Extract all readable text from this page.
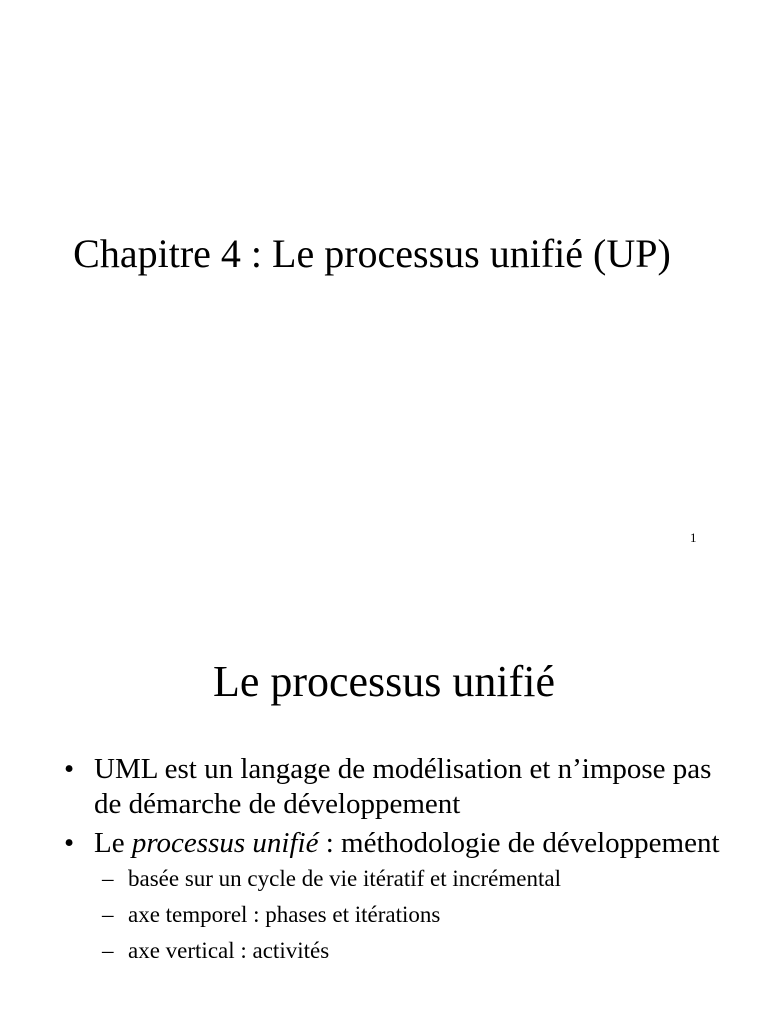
Chapitre 4 : Le processus unifié (UP)
1
Le processus unifié
• UML est un langage de modélisation et n’impose pas de démarche de développement
• Le processus unifié : méthodologie de développement
– basée sur un cycle de vie itératif et incrémental
– axe temporel : phases et itérations
– axe vertical : activités
